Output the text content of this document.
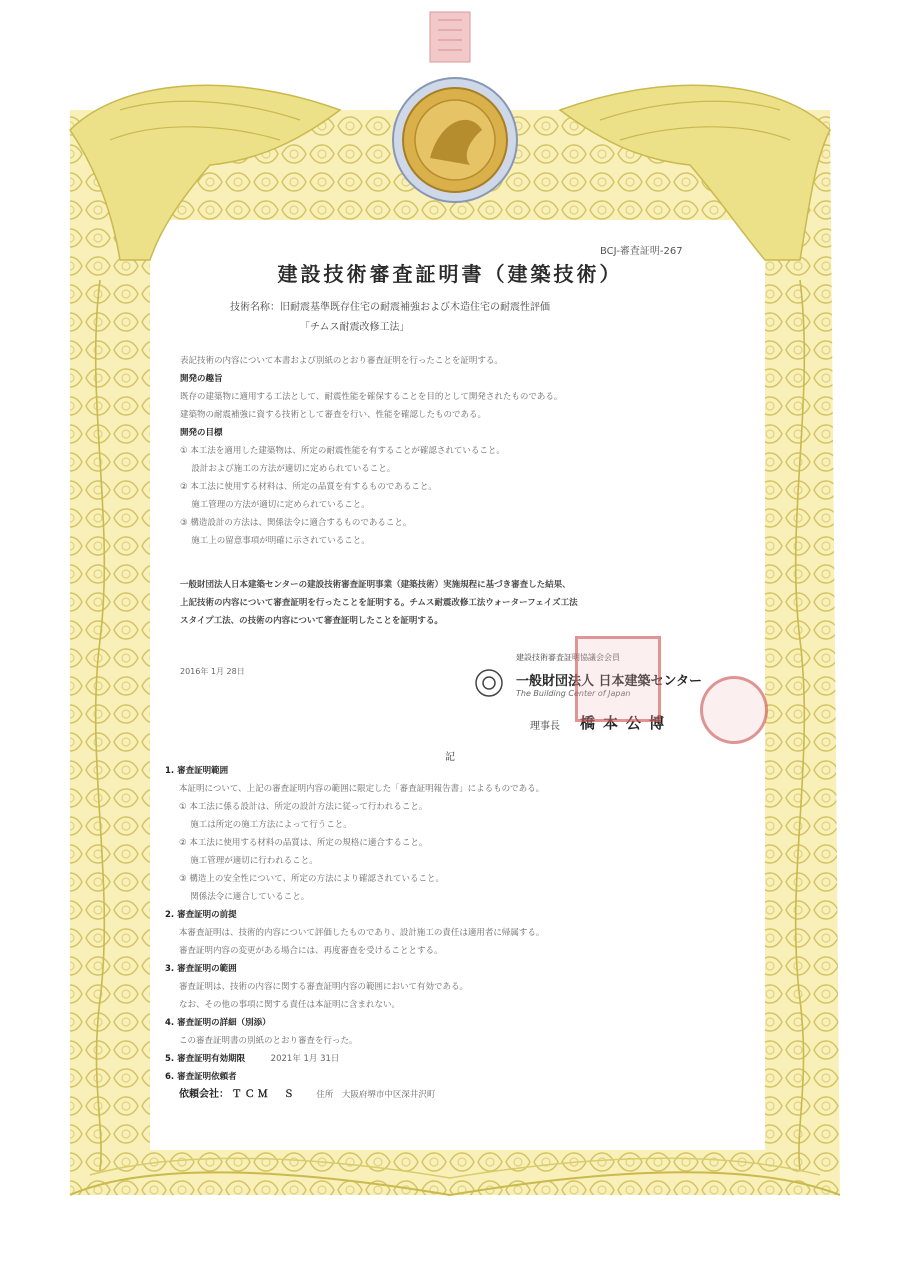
BCJ-審査証明-267
建設技術審査証明書（建築技術）
技術名称：旧耐震基準既存住宅の耐震補強および木造住宅の耐震性評価
「チムス耐震改修工法」
表記技術の内容について本書および別紙のとおり審査証明を行ったことを証明する。
開発の趣旨
既存の建築物に適用する工法として、耐震性能を確保することを目的として開発されたものである。
建築物の耐震補強に資する技術として審査を行い、性能を確認したものである。
開発の目標
① 本工法を適用した建築物は、所定の耐震性能を有することが確認されていること。
　 設計および施工の方法が適切に定められていること。
② 本工法に使用する材料は、所定の品質を有するものであること。
　 施工管理の方法が適切に定められていること。
③ 構造設計の方法は、関係法令に適合するものであること。
　 施工上の留意事項が明確に示されていること。
一般財団法人日本建築センターの建設技術審査証明事業（建築技術）実施規程に基づき審査した結果、
上記技術の内容について審査証明を行ったことを証明する。チムス耐震改修工法ウォーターフェイズ工法
スタイプ工法、の技術の内容について審査証明したことを証明する。
2016年 1月 28日
建設技術審査証明協議会会員
一般財団法人 日本建築センター
The Building Center of Japan
理事長 橋本公博
記
1. 審査証明範囲
本証明について、上記の審査証明内容の範囲に限定した「審査証明報告書」によるものである。
① 本工法に係る設計は、所定の設計方法に従って行われること。
　 施工は所定の施工方法によって行うこと。
② 本工法に使用する材料の品質は、所定の規格に適合すること。
　 施工管理が適切に行われること。
③ 構造上の安全性について、所定の方法により確認されていること。
　 関係法令に適合していること。
2. 審査証明の前提
本審査証明は、技術的内容について評価したものであり、設計施工の責任は適用者に帰属する。
審査証明内容の変更がある場合には、再度審査を受けることとする。
3. 審査証明の範囲
審査証明は、技術の内容に関する審査証明内容の範囲において有効である。
なお、その他の事項に関する責任は本証明に含まれない。
4. 審査証明の詳細（別添）
この審査証明書の別紙のとおり審査を行った。
5. 審査証明有効期限　　　	2021年 1月 31日
6. 審査証明依頼者
依頼会社： ＴＣＭ　Ｓ 　　 住所　大阪府堺市中区深井沢町
